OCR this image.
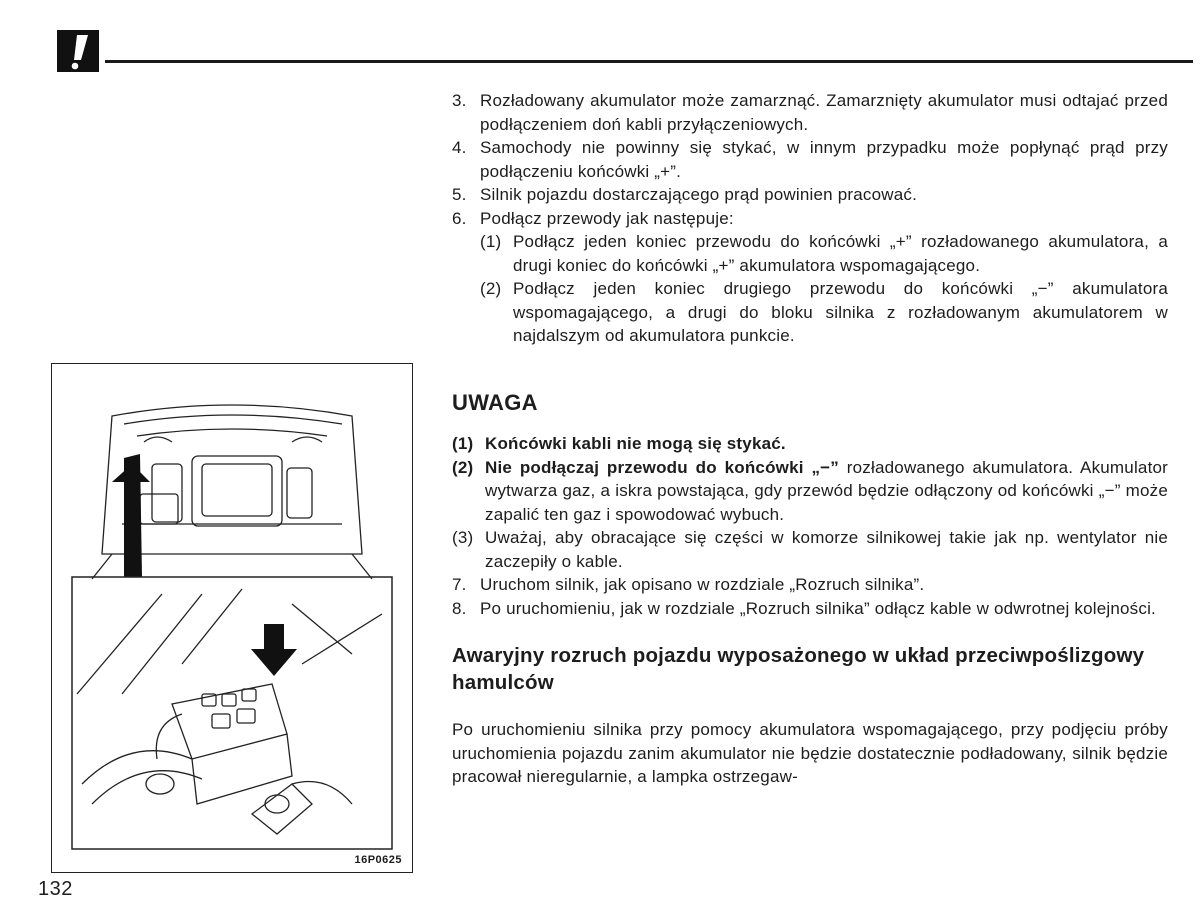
3. Rozładowany akumulator może zamarznąć. Zamarznięty akumulator musi odtajać przed podłączeniem doń kabli przyłączeniowych.
4. Samochody nie powinny się stykać, w innym przypadku może popłynąć prąd przy podłączeniu końcówki „+”.
5. Silnik pojazdu dostarczającego prąd powinien pracować.
6. Podłącz przewody jak następuje:
(1) Podłącz jeden koniec przewodu do końcówki „+” rozładowanego akumulatora, a drugi koniec do końcówki „+” akumulatora wspomagającego.
(2) Podłącz jeden koniec drugiego przewodu do końcówki „−” akumulatora wspomagającego, a drugi do bloku silnika z rozładowanym akumulatorem w najdalszym od akumulatora punkcie.
UWAGA
(1) Końcówki kabli nie mogą się stykać.
(2) Nie podłączaj przewodu do końcówki „−” rozładowanego akumulatora. Akumulator wytwarza gaz, a iskra powstająca, gdy przewód będzie odłączony od końcówki „−” może zapalić ten gaz i spowodować wybuch.
(3) Uważaj, aby obracające się części w komorze silnikowej takie jak np. wentylator nie zaczepiły o kable.
7. Uruchom silnik, jak opisano w rozdziale „Rozruch silnika”.
8. Po uruchomieniu, jak w rozdziale „Rozruch silnika” odłącz kable w odwrotnej kolejności.
Awaryjny rozruch pojazdu wyposażonego w układ przeciwpoślizgowy hamulców
Po uruchomieniu silnika przy pomocy akumulatora wspomagającego, przy podjęciu próby uruchomienia pojazdu zanim akumulator nie będzie dostatecznie podładowany, silnik będzie pracował nieregularnie, a lampka ostrzegaw-
16P0625
132
